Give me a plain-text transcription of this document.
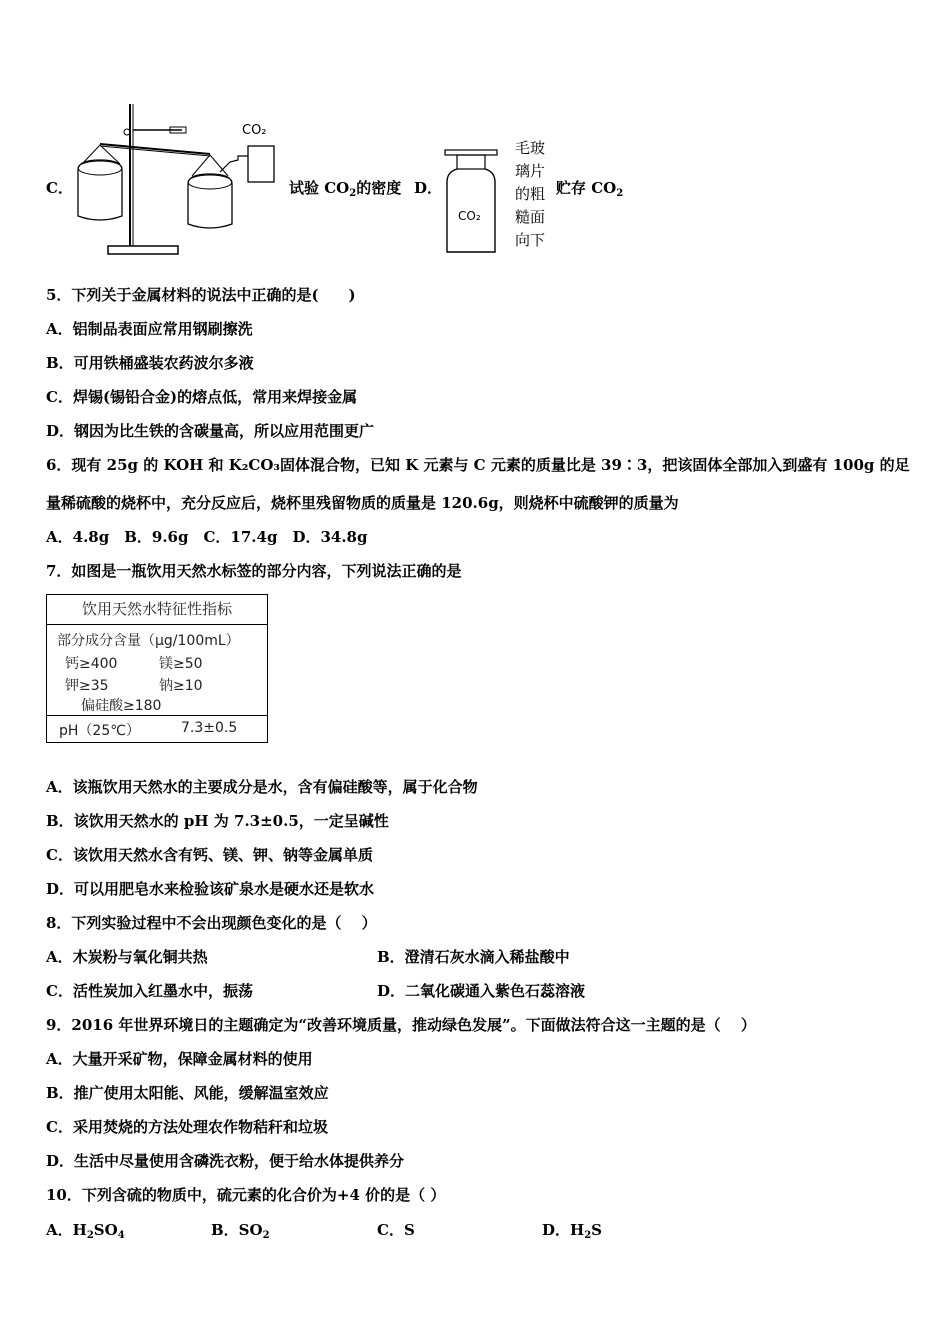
C．
CO₂
试验 $CO_2$的密度 D．
CO₂
毛玻璃片的粗糙面向下
贮存 $CO_2$
5．下列关于金属材料的说法中正确的是(　　)
A．铝制品表面应常用钢刷擦洗
B．可用铁桶盛装农药波尔多液
C．焊锡(锡铅合金)的熔点低，常用来焊接金属
D．钢因为比生铁的含碳量高，所以应用范围更广
6．现有 25g 的 KOH 和 K₂CO₃固体混合物，已知 K 元素与 C 元素的质量比是 39∶3，把该固体全部加入到盛有 100g 的足
量稀硫酸的烧杯中，充分反应后，烧杯里残留物质的质量是 120.6g，则烧杯中硫酸钾的质量为
A．4.8g　B．9.6g　C．17.4g　D．34.8g
7．如图是一瓶饮用天然水标签的部分内容，下列说法正确的是
饮用天然水特征性指标
部分成分含量（μg/100mL）
钙≥400	镁≥50
钾≥35	钠≥10
偏硅酸≥180
pH（25℃）	7.3±0.5
A．该瓶饮用天然水的主要成分是水，含有偏硅酸等，属于化合物
B．该饮用天然水的 pH 为 7.3±0.5，一定呈碱性
C．该饮用天然水含有钙、镁、钾、钠等金属单质
D．可以用肥皂水来检验该矿泉水是硬水还是软水
8．下列实验过程中不会出现颜色变化的是（　 ）
A．木炭粉与氧化铜共热	B．澄清石灰水滴入稀盐酸中
C．活性炭加入红墨水中，振荡	D．二氧化碳通入紫色石蕊溶液
9．2016 年世界环境日的主题确定为“改善环境质量，推动绿色发展”。下面做法符合这一主题的是（　 ）
A．大量开采矿物，保障金属材料的使用
B．推广使用太阳能、风能，缓解温室效应
C．采用焚烧的方法处理农作物秸秆和垃圾
D．生活中尽量使用含磷洗衣粉，便于给水体提供养分
10．下列含硫的物质中，硫元素的化合价为+4 价的是（ ）
A．$H_2SO_4$	B．$SO_2$	C．S	D．$H_2S$
